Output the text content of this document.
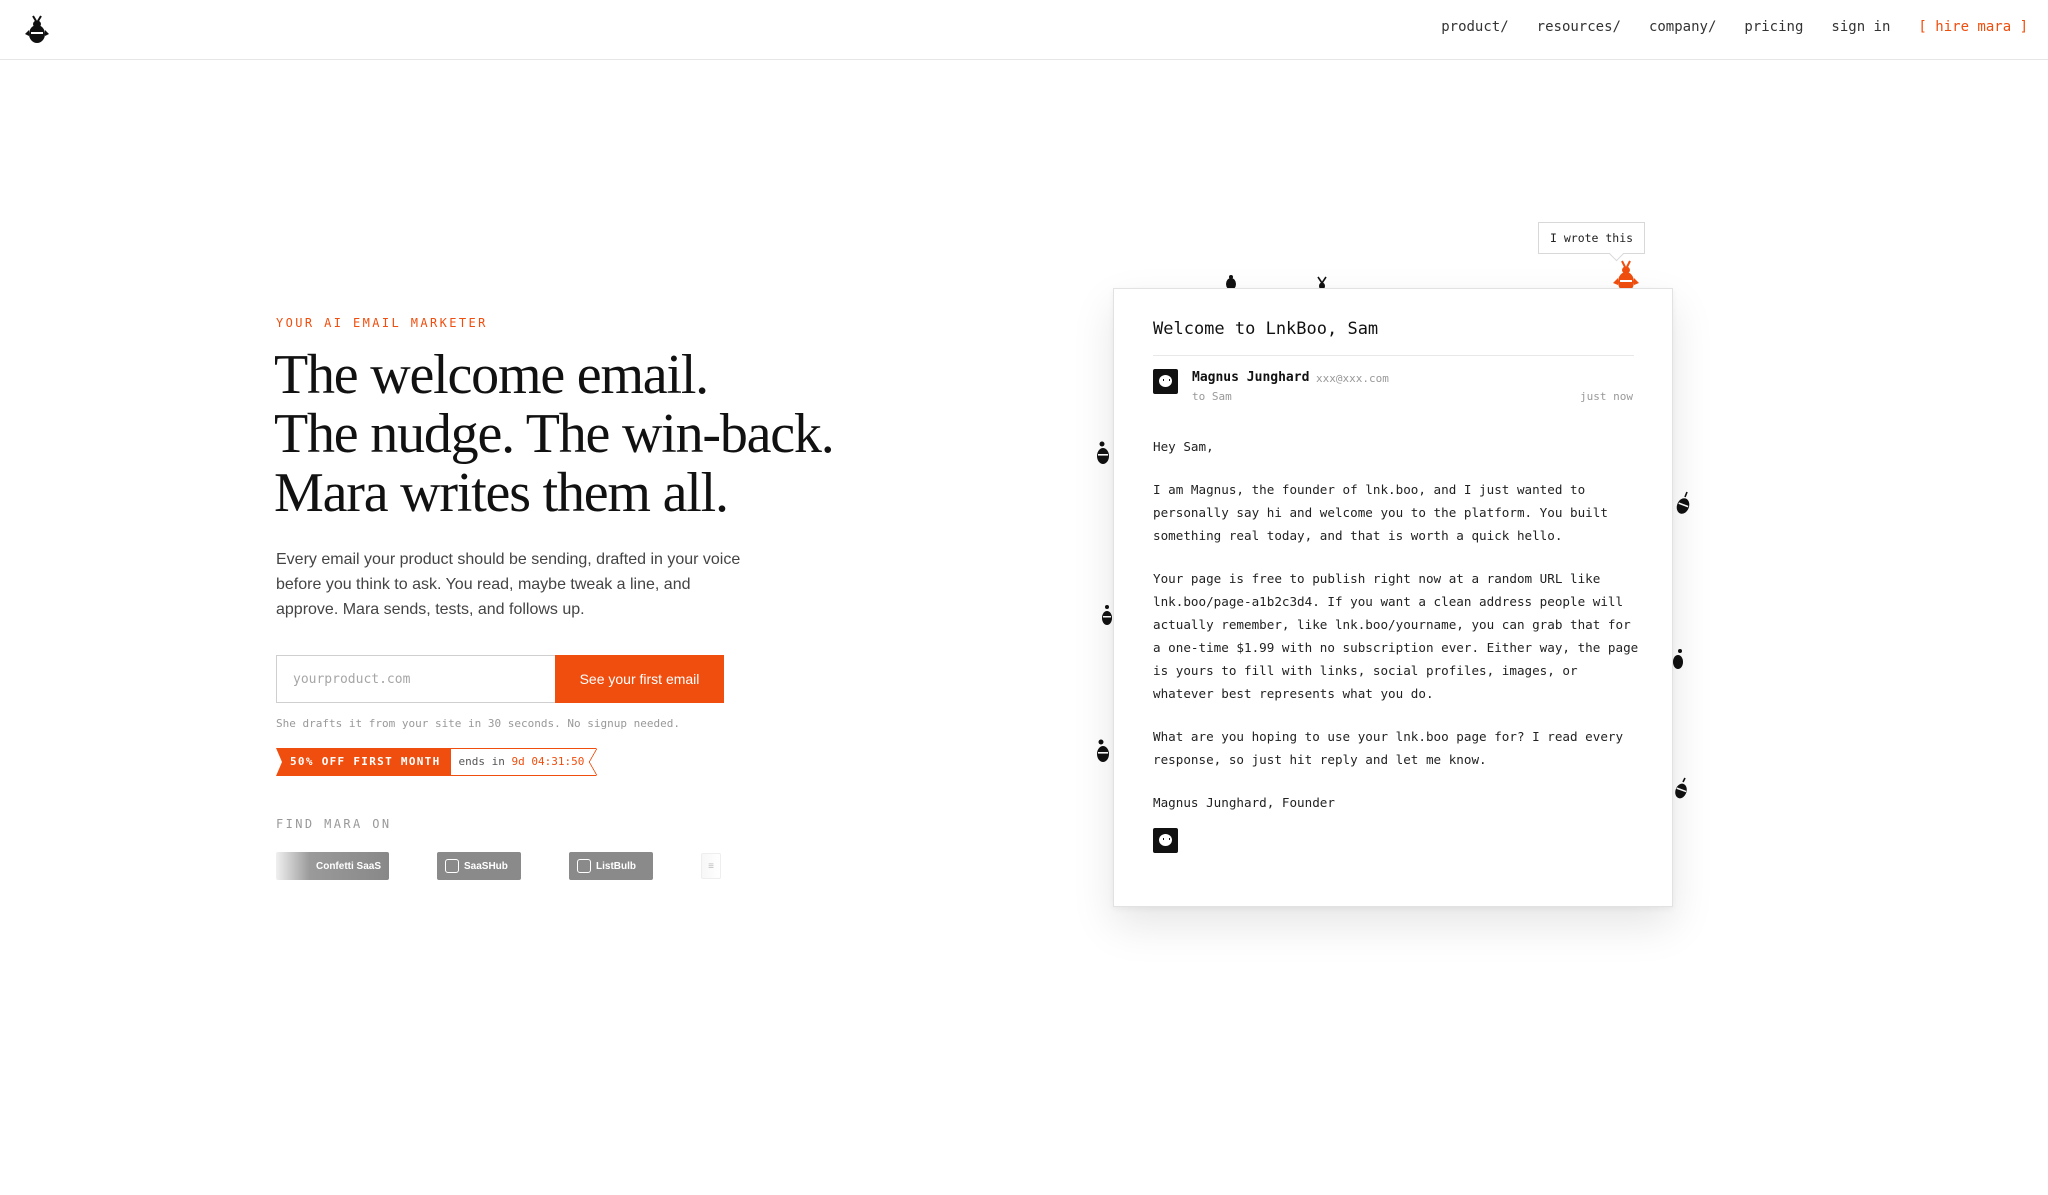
product/ resources/ company/ pricing sign in [ hire mara ]
YOUR AI EMAIL MARKETER
The welcome email.
The nudge. The win-back.
Mara writes them all.
Every email your product should be sending, drafted in your voice before you think to ask. You read, maybe tweak a line, and approve. Mara sends, tests, and follows up.
yourproduct.com
See your first email
She drafts it from your site in 30 seconds. No signup needed.
50% OFF FIRST MONTH	ends in 9d 04:31:50
FIND MARA ON
Confetti SaaS	SaaSHub	ListBulb	≡
I wrote this
Welcome to LnkBoo, Sam
Magnus Junghard xxx@xxx.com
to Sam	just now

Hey Sam,

I am Magnus, the founder of lnk.boo, and I just wanted to personally say hi and welcome you to the platform. You built something real today, and that is worth a quick hello.

Your page is free to publish right now at a random URL like lnk.boo/page-a1b2c3d4. If you want a clean address people will actually remember, like lnk.boo/yourname, you can grab that for a one-time $1.99 with no subscription ever. Either way, the page is yours to fill with links, social profiles, images, or whatever best represents what you do.

What are you hoping to use your lnk.boo page for? I read every response, so just hit reply and let me know.

Magnus Junghard, Founder
